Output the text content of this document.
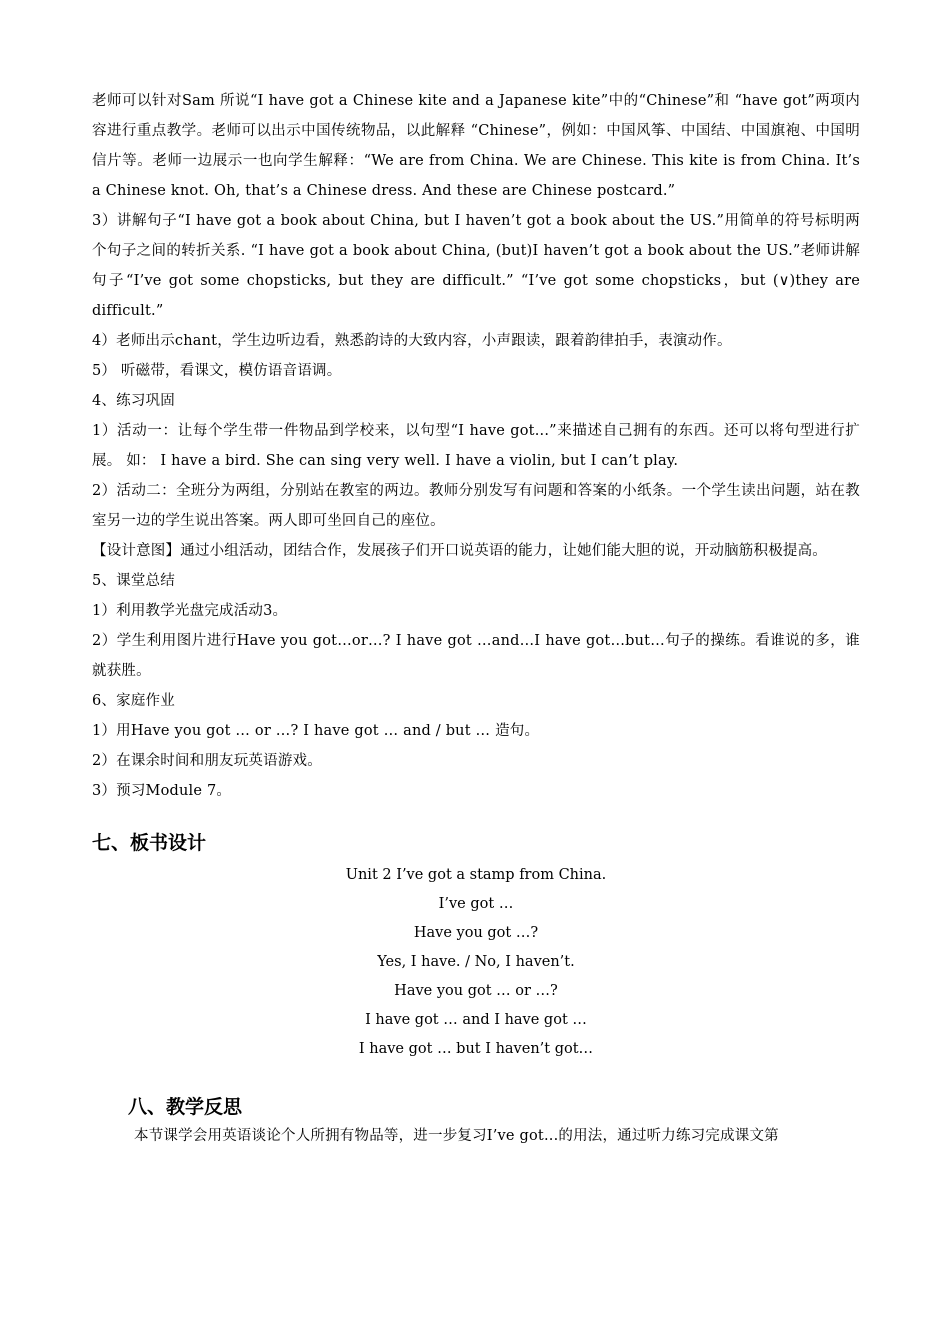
老师可以针对Sam 所说“I have got a Chinese kite and a Japanese kite”中的“Chinese”和 “have got”两项内容进行重点教学。老师可以出示中国传统物品，以此解释 “Chinese”，例如：中国风筝、中国结、中国旗袍、中国明信片等。老师一边展示一也向学生解释：“We are from China. We are Chinese. This kite is from China. It’s a Chinese knot. Oh, that’s a Chinese dress. And these are Chinese postcard.”

3）讲解句子“I have got a book about China, but I haven’t got a book about the US.”用简单的符号标明两个句子之间的转折关系. “I have got a book about China, (but)I haven’t got a book about the US.”老师讲解句子“I’ve got some chopsticks, but they are difficult.” “I’ve got some chopsticks，but (∨)they are difficult.”

4）老师出示chant，学生边听边看，熟悉韵诗的大致内容，小声跟读，跟着韵律拍手，表演动作。

5） 听磁带，看课文，模仿语音语调。

4、练习巩固

1）活动一：让每个学生带一件物品到学校来，以句型“I have got...”来描述自己拥有的东西。还可以将句型进行扩展。 如： I have a bird. She can sing very well. I have a violin, but I can’t play.

2）活动二：全班分为两组，分别站在教室的两边。教师分别发写有问题和答案的小纸条。一个学生读出问题，站在教室另一边的学生说出答案。两人即可坐回自己的座位。

【设计意图】通过小组活动，团结合作，发展孩子们开口说英语的能力，让她们能大胆的说，开动脑筋积极提高。

5、课堂总结

1）利用教学光盘完成活动3。

2）学生利用图片进行Have you got…or…? I have got …and…I have got…but…句子的操练。看谁说的多，谁就获胜。

6、家庭作业

1）用Have you got … or …? I have got … and / but … 造句。

2）在课余时间和朋友玩英语游戏。

3）预习Module 7。

七、板书设计

Unit 2 I’ve got a stamp from China.

I’ve got …

Have you got …?

Yes, I have. / No, I haven’t.

Have you got … or …?

I have got … and I have got …

I have got … but I haven’t got…

八、教学反思

本节课学会用英语谈论个人所拥有物品等，进一步复习I’ve got...的用法，通过听力练习完成课文第
